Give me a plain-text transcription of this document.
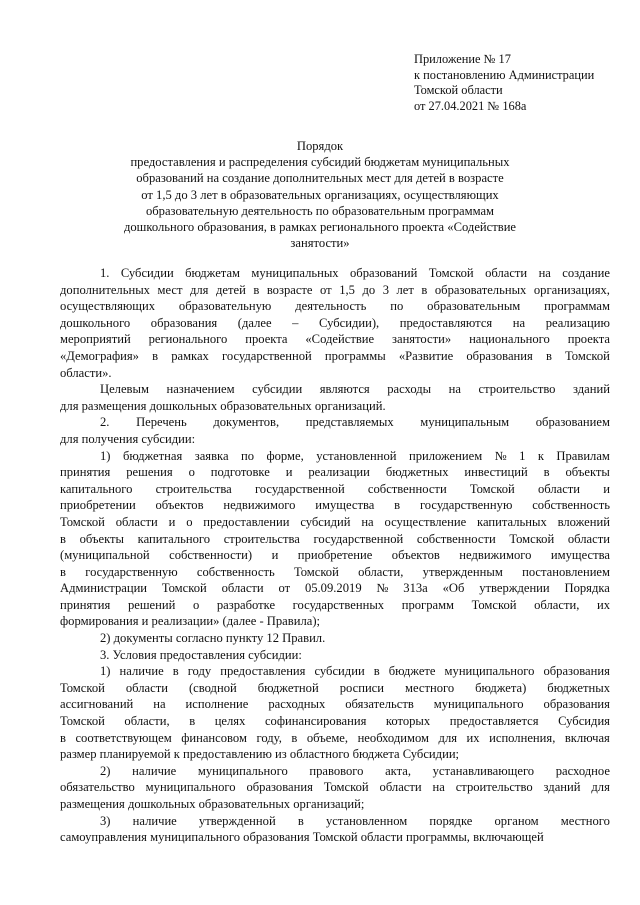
Приложение № 17
к постановлению Администрации
Томской области
от 27.04.2021 № 168а
Порядок
предоставления и распределения субсидий бюджетам муниципальных
образований на создание дополнительных мест для детей в возрасте
от 1,5 до 3 лет в образовательных организациях, осуществляющих
образовательную деятельность по образовательным программам
дошкольного образования, в рамках регионального проекта «Содействие
занятости»
1. Субсидии бюджетам муниципальных образований Томской области на создание
дополнительных мест для детей в возрасте от 1,5 до 3 лет в образовательных организациях,
осуществляющих образовательную деятельность по образовательным программам
дошкольного образования (далее – Субсидии), предоставляются на реализацию
мероприятий регионального проекта «Содействие занятости» национального проекта
«Демография» в рамках государственной программы «Развитие образования в Томской
области».
Целевым назначением субсидии являются расходы на строительство зданий
для размещения дошкольных образовательных организаций.
2. Перечень документов, представляемых муниципальным образованием
для получения субсидии:
1) бюджетная заявка по форме, установленной приложением № 1 к Правилам
принятия решения о подготовке и реализации бюджетных инвестиций в объекты
капитального строительства государственной собственности Томской области и
приобретении объектов недвижимого имущества в государственную собственность
Томской области и о предоставлении субсидий на осуществление капитальных вложений
в объекты капитального строительства государственной собственности Томской области
(муниципальной собственности) и приобретение объектов недвижимого имущества
в государственную собственность Томской области, утвержденным постановлением
Администрации Томской области от 05.09.2019 № 313а «Об утверждении Порядка
принятия решений о разработке государственных программ Томской области, их
формирования и реализации» (далее - Правила);
2) документы согласно пункту 12 Правил.
3. Условия предоставления субсидии:
1) наличие в году предоставления субсидии в бюджете муниципального образования
Томской области (сводной бюджетной росписи местного бюджета) бюджетных
ассигнований на исполнение расходных обязательств муниципального образования
Томской области, в целях софинансирования которых предоставляется Субсидия
в соответствующем финансовом году, в объеме, необходимом для их исполнения, включая
размер планируемой к предоставлению из областного бюджета Субсидии;
2) наличие муниципального правового акта, устанавливающего расходное
обязательство муниципального образования Томской области на строительство зданий для
размещения дошкольных образовательных организаций;
3) наличие утвержденной в установленном порядке органом местного
самоуправления муниципального образования Томской области программы, включающей
